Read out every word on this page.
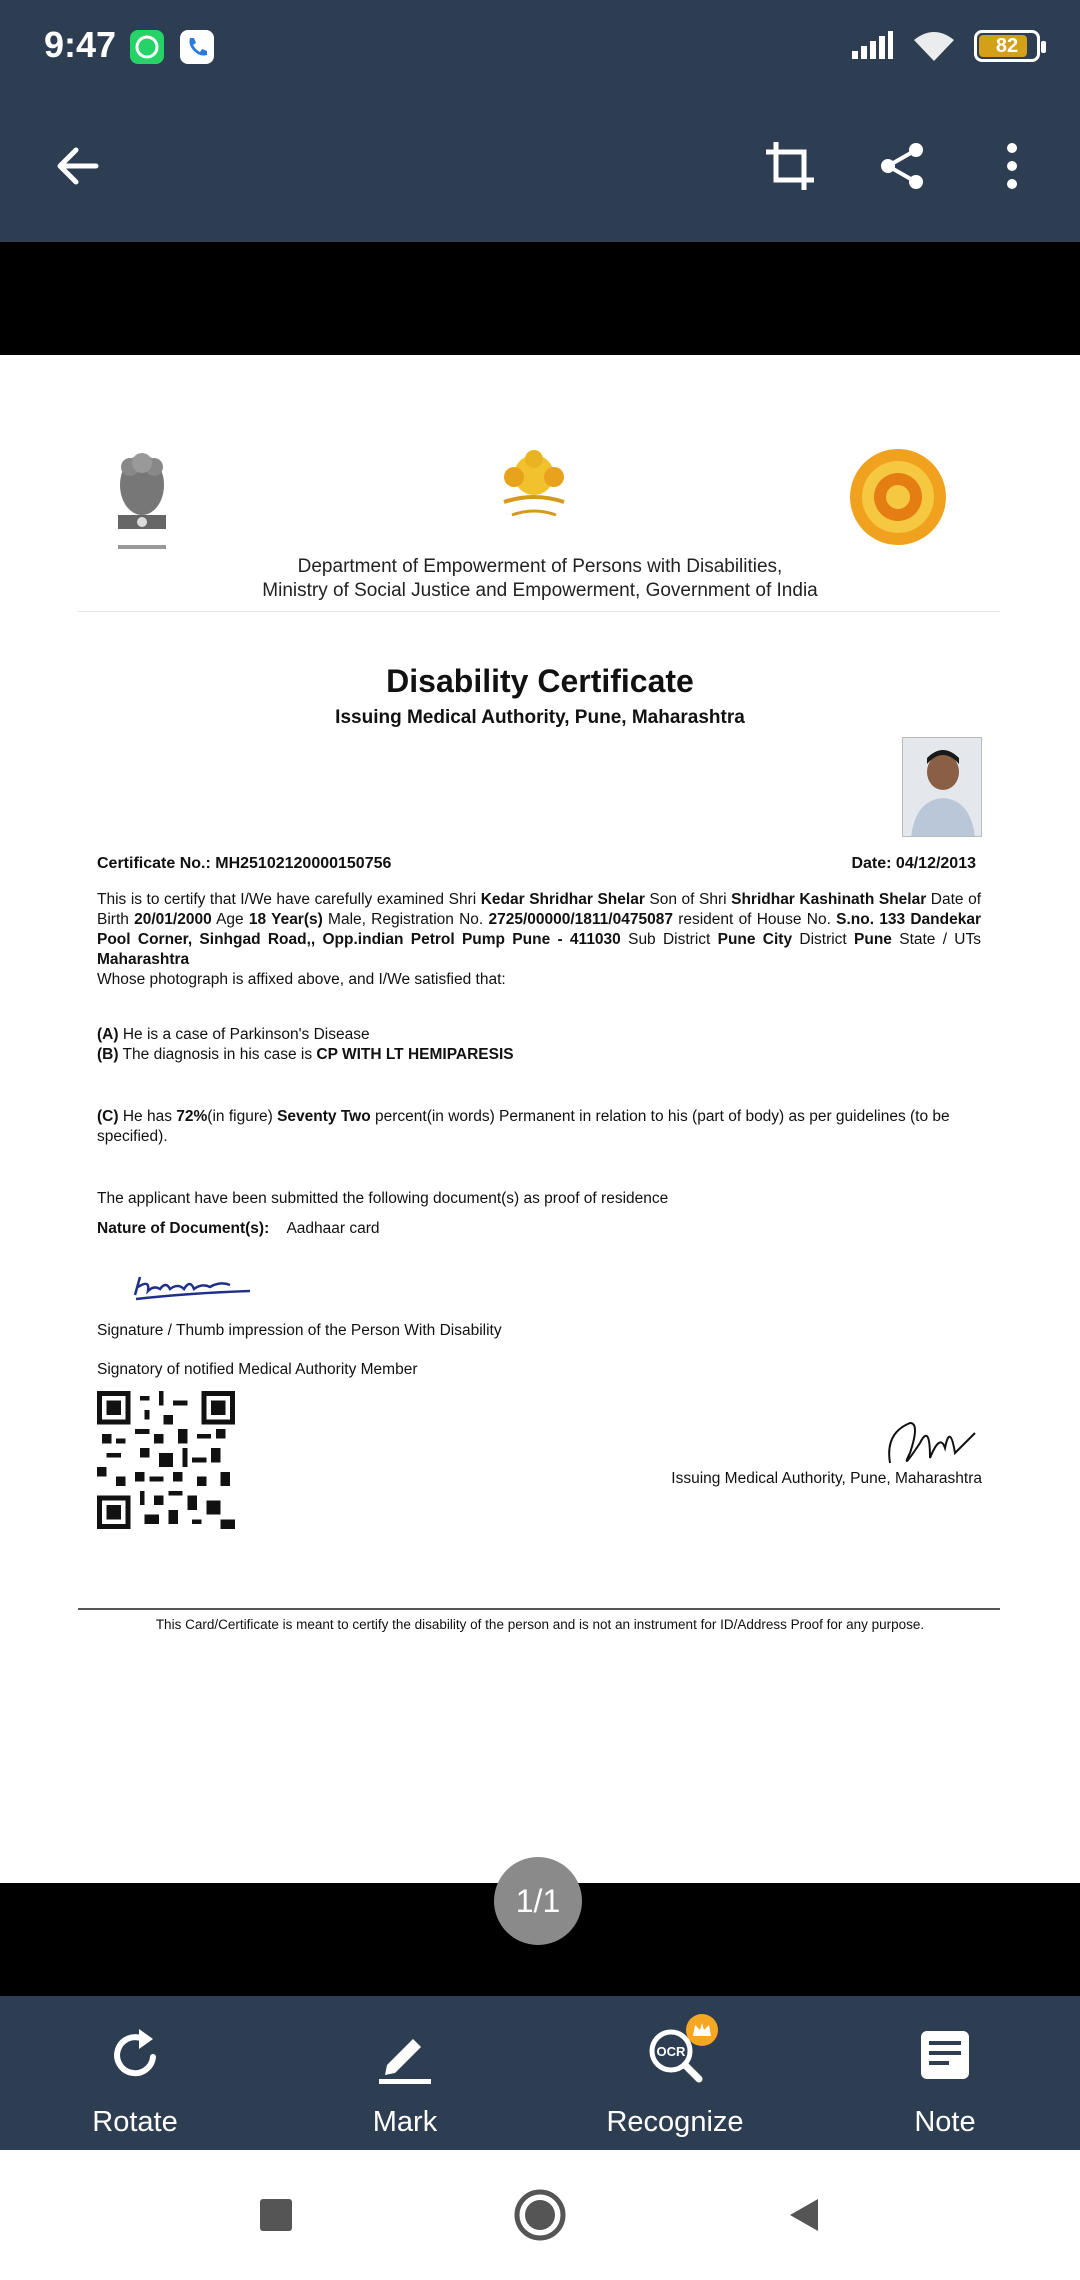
9:47	82
Department of Empowerment of Persons with Disabilities,
Ministry of Social Justice and Empowerment, Government of India
Disability Certificate
Issuing Medical Authority, Pune, Maharashtra
Certificate No.: MH25102120000150756	Date: 04/12/2013
This is to certify that I/We have carefully examined Shri Kedar Shridhar Shelar Son of Shri Shridhar Kashinath Shelar Date of Birth 20/01/2000 Age 18 Year(s) Male, Registration No. 2725/00000/1811/0475087 resident of House No. S.no. 133 Dandekar Pool Corner, Sinhgad Road,, Opp.indian Petrol Pump Pune - 411030 Sub District Pune City District Pune State / UTs Maharashtra
Whose photograph is affixed above, and I/We satisfied that:
(A) He is a case of Parkinson's Disease
(B) The diagnosis in his case is CP WITH LT HEMIPARESIS
(C) He has 72%(in figure) Seventy Two percent(in words) Permanent in relation to his (part of body) as per guidelines (to be specified).
The applicant have been submitted the following document(s) as proof of residence
Nature of Document(s): Aadhaar card
Signature / Thumb impression of the Person With Disability
Signatory of notified Medical Authority Member
Issuing Medical Authority, Pune, Maharashtra
This Card/Certificate is meant to certify the disability of the person and is not an instrument for ID/Address Proof for any purpose.
1/1
Rotate	Mark
OCR
Recognize	Note
